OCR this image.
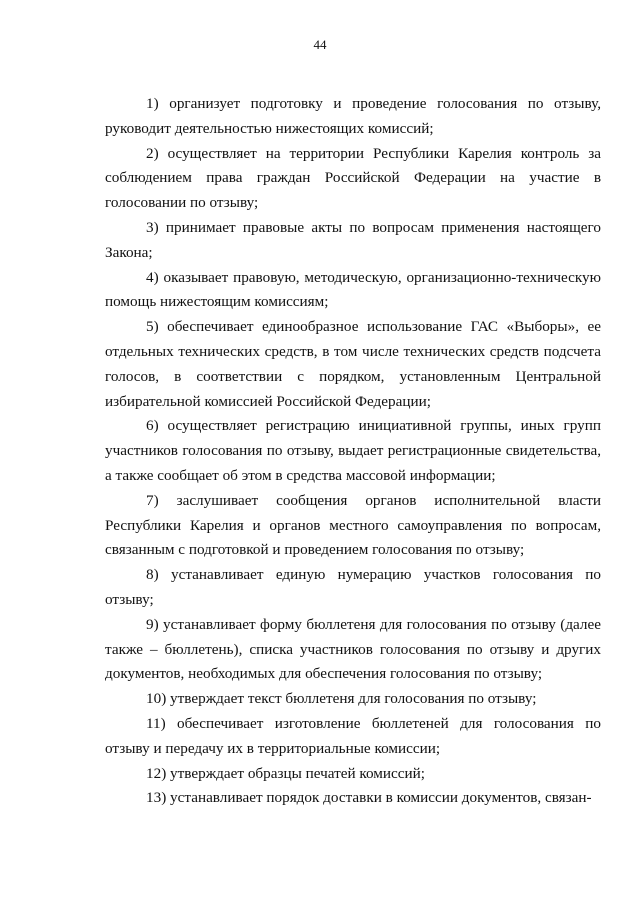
44

1) организует подготовку и проведение голосования по отзыву, руководит деятельностью нижестоящих комиссий;

2) осуществляет на территории Республики Карелия контроль за соблюдением права граждан Российской Федерации на участие в голосовании по отзыву;

3) принимает правовые акты по вопросам применения настоящего Закона;

4) оказывает правовую, методическую, организационно-техническую помощь нижестоящим комиссиям;

5) обеспечивает единообразное использование ГАС «Выборы», ее отдельных технических средств, в том числе технических средств подсчета голосов, в соответствии с порядком, установленным Центральной избирательной комиссией Российской Федерации;

6) осуществляет регистрацию инициативной группы, иных групп участников голосования по отзыву, выдает регистрационные свидетельства, а также сообщает об этом в средства массовой информации;

7) заслушивает сообщения органов исполнительной власти Республики Карелия и органов местного самоуправления по вопросам, связанным с подготовкой и проведением голосования по отзыву;

8) устанавливает единую нумерацию участков голосования по отзыву;

9) устанавливает форму бюллетеня для голосования по отзыву (далее также – бюллетень), списка участников голосования по отзыву и других документов, необходимых для обеспечения голосования по отзыву;

10) утверждает текст бюллетеня для голосования по отзыву;

11) обеспечивает изготовление бюллетеней для голосования по отзыву и передачу их в территориальные комиссии;

12) утверждает образцы печатей комиссий;

13) устанавливает порядок доставки в комиссии документов, связан-
